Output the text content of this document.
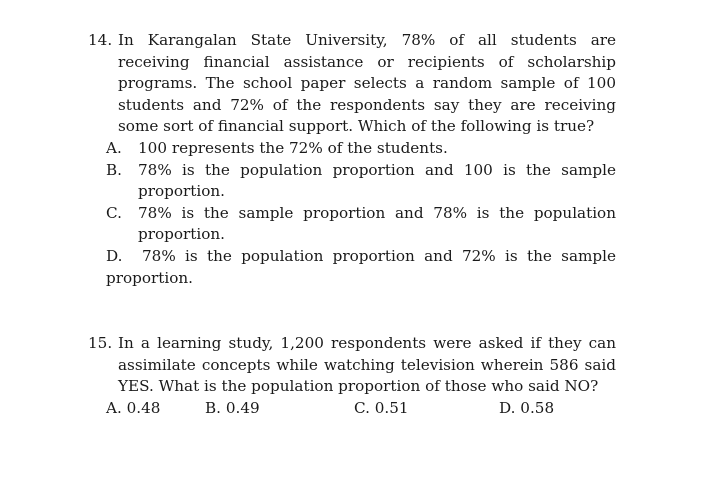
14. In Karangalan State University, 78% of all students are receiving financial assistance or recipients of scholarship programs. The school paper selects a random sample of 100 students and 72% of the respondents say they are receiving some sort of financial support. Which of the following is true?
A.	100 represents the 72% of the students.
B.	78% is the population proportion and 100 is the sample proportion.
C.	78% is the sample proportion and 78% is the population proportion.
D.	78% is the population proportion and 72% is the sample
proportion.
15. In a learning study, 1,200 respondents were asked if they can assimilate concepts while watching television wherein 586 said YES. What is the population proportion of those who said NO?
A. 0.48	B. 0.49	C. 0.51	D. 0.58
